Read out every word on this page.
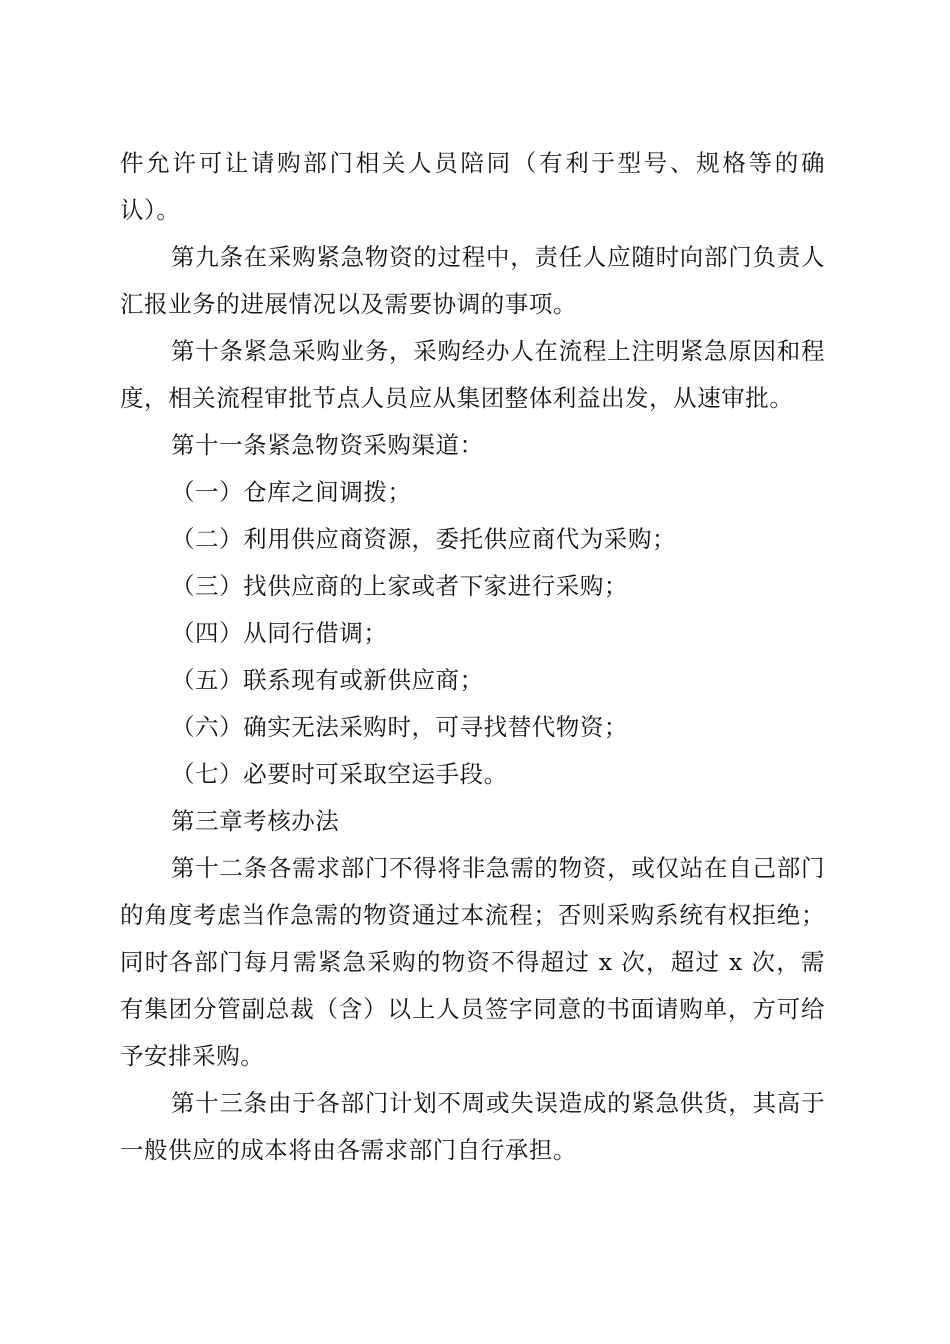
件允许可让请购部门相关人员陪同（有利于型号、规格等的确认）。

第九条在采购紧急物资的过程中，责任人应随时向部门负责人汇报业务的进展情况以及需要协调的事项。

第十条紧急采购业务，采购经办人在流程上注明紧急原因和程度，相关流程审批节点人员应从集团整体利益出发，从速审批。

第十一条紧急物资采购渠道：

（一）仓库之间调拨；

（二）利用供应商资源，委托供应商代为采购；

（三）找供应商的上家或者下家进行采购；

（四）从同行借调；

（五）联系现有或新供应商；

（六）确实无法采购时，可寻找替代物资；

（七）必要时可采取空运手段。

第三章考核办法

第十二条各需求部门不得将非急需的物资，或仅站在自己部门的角度考虑当作急需的物资通过本流程；否则采购系统有权拒绝；同时各部门每月需紧急采购的物资不得超过 x 次，超过 x 次，需有集团分管副总裁（含）以上人员签字同意的书面请购单，方可给予安排采购。

第十三条由于各部门计划不周或失误造成的紧急供货，其高于一般供应的成本将由各需求部门自行承担。
